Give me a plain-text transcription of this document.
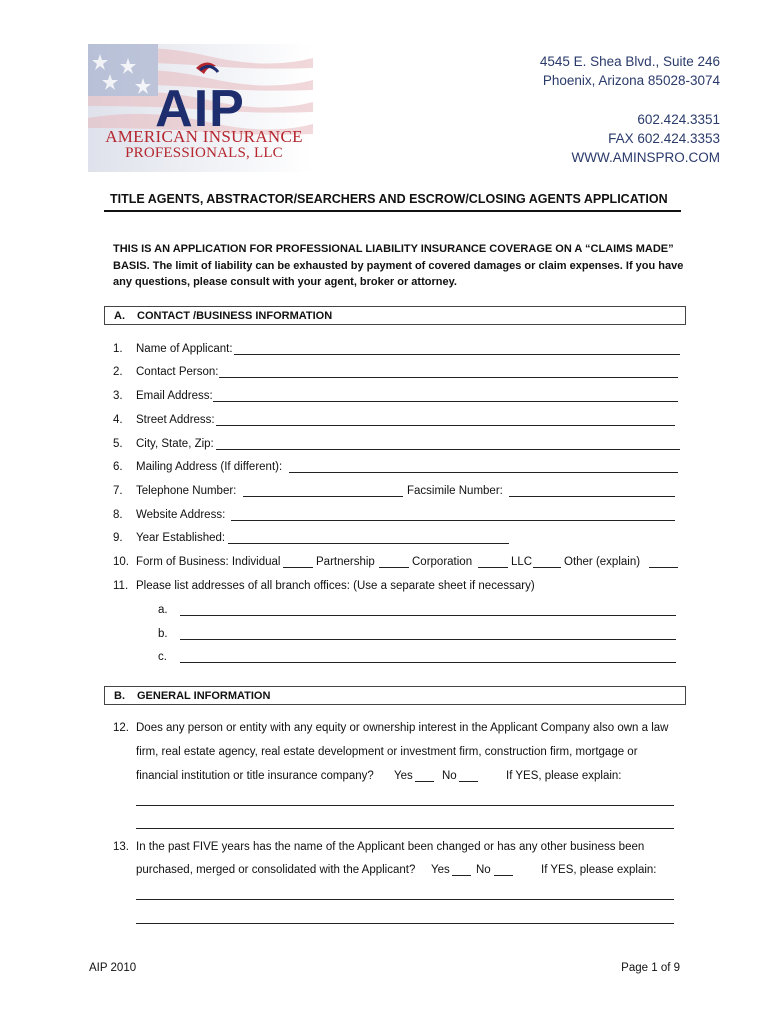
AIP
AMERICAN INSURANCE
PROFESSIONALS, LLC
4545 E. Shea Blvd., Suite 246
Phoenix, Arizona 85028-3074
602.424.3351
FAX 602.424.3353
WWW.AMINSPRO.COM
TITLE AGENTS, ABSTRACTOR/SEARCHERS AND ESCROW/CLOSING AGENTS APPLICATION
THIS IS AN APPLICATION FOR PROFESSIONAL LIABILITY INSURANCE COVERAGE ON A “CLAIMS MADE” BASIS. The limit of liability can be exhausted by payment of covered damages or claim expenses. If you have any questions, please consult with your agent, broker or attorney.
A. CONTACT /BUSINESS INFORMATION
1. Name of Applicant:
2. Contact Person:
3. Email Address:
4. Street Address:
5. City, State, Zip:
6. Mailing Address (If different):
7. Telephone Number:	Facsimile Number:
8. Website Address:
9. Year Established:
10. Form of Business: Individual	Partnership	Corporation	LLC	Other (explain)
11. Please list addresses of all branch offices: (Use a separate sheet if necessary)
a.
b.
c.
B. GENERAL INFORMATION
12. Does any person or entity with any equity or ownership interest in the Applicant Company also own a law
firm, real estate agency, real estate development or investment firm, construction firm, mortgage or
financial institution or title insurance company? Yes	No	If YES, please explain:
13. In the past FIVE years has the name of the Applicant been changed or has any other business been
purchased, merged or consolidated with the Applicant? Yes No	If YES, please explain:
AIP 2010	Page 1 of 9
